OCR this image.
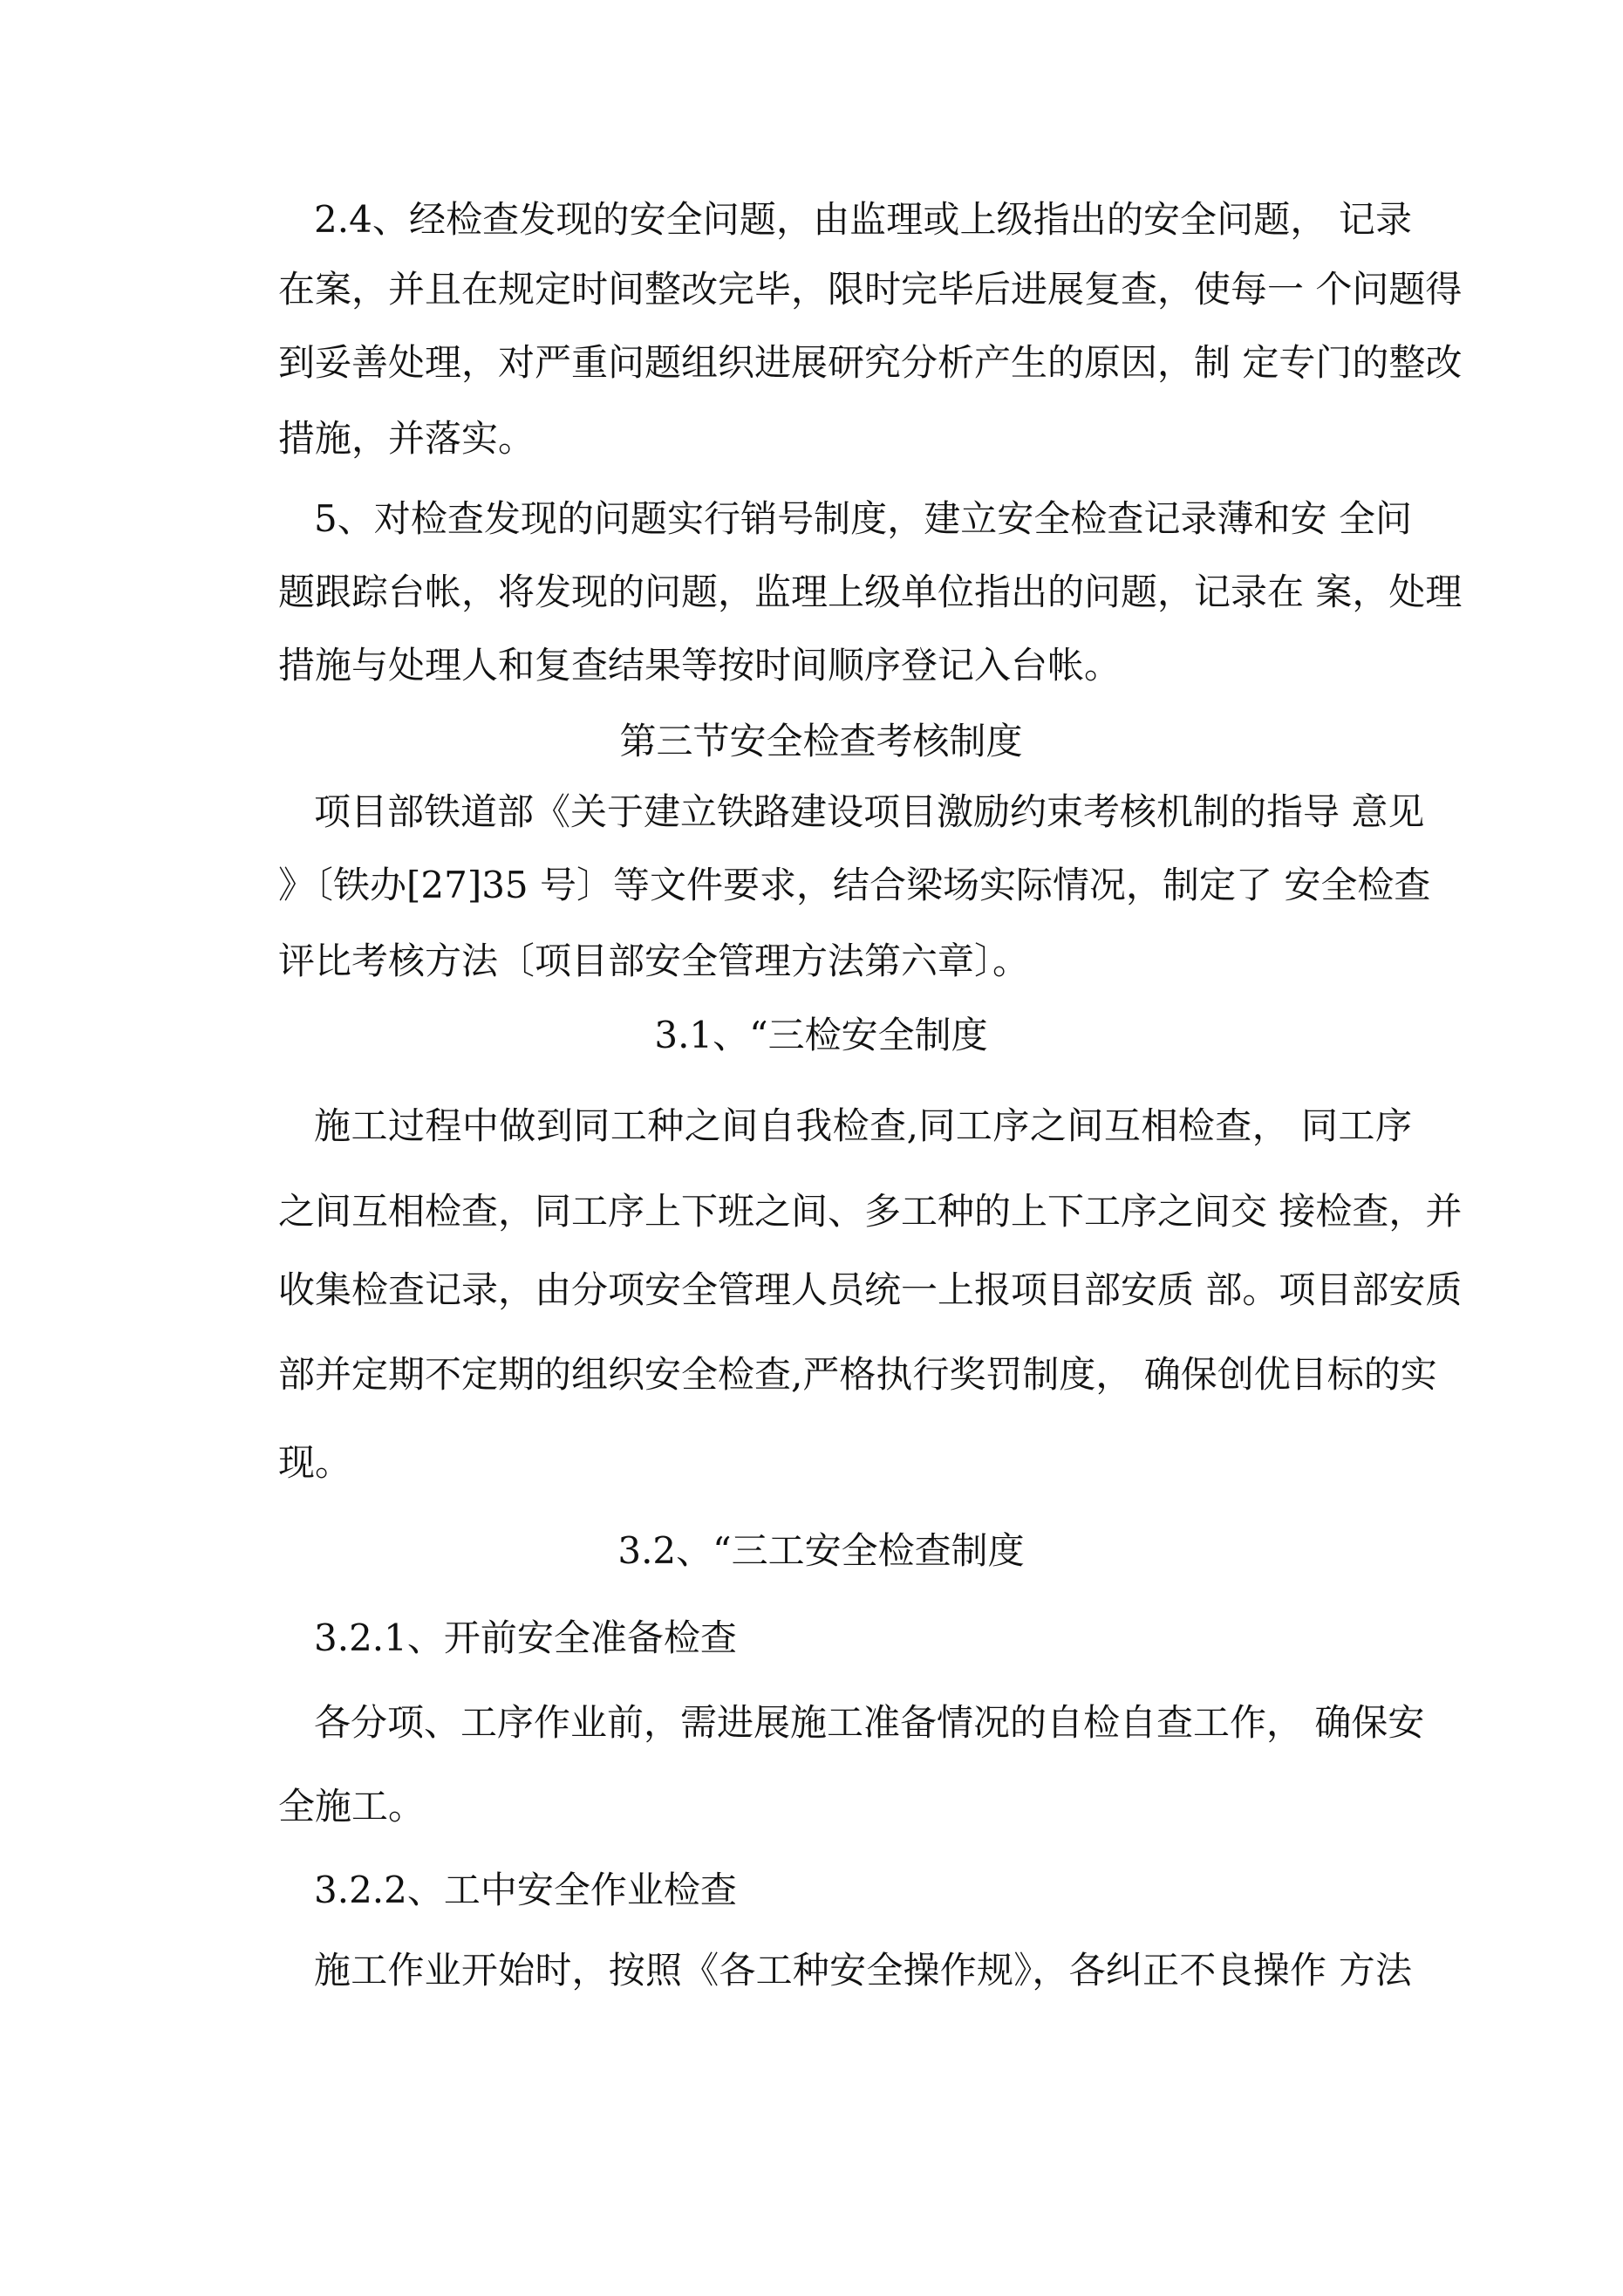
2.4、经检查发现的安全问题，由监理或上级指出的安全问题， 记录
在案，并且在规定时间整改完毕，限时完毕后进展复查，使每一 个问题得
到妥善处理，对严重问题组织进展研究分析产生的原因，制 定专门的整改
措施，并落实。
5、对检查发现的问题实行销号制度，建立安全检查记录薄和安 全问
题跟踪台帐，将发现的问题，监理上级单位指出的问题，记录在 案，处理
措施与处理人和复查结果等按时间顺序登记入台帐。
第三节安全检查考核制度
项目部铁道部《关于建立铁路建设项目激励约束考核机制的指导 意见
》〔铁办[27]35 号〕等文件要求，结合梁场实际情况，制定了 安全检查
评比考核方法〔项目部安全管理方法第六章〕。
3.1、“三检安全制度
施工过程中做到同工种之间自我检查,同工序之间互相检查， 同工序
之间互相检查，同工序上下班之间、多工种的上下工序之间交 接检查，并
收集检查记录，由分项安全管理人员统一上报项目部安质 部。项目部安质
部并定期不定期的组织安全检查,严格执行奖罚制度， 确保创优目标的实
现。
3.2、“三工安全检查制度
3.2.1、开前安全准备检查
各分项、工序作业前，需进展施工准备情况的自检自查工作， 确保安
全施工。
3.2.2、工中安全作业检查
施工作业开始时，按照《各工种安全操作规》，各纠正不良操作 方法
